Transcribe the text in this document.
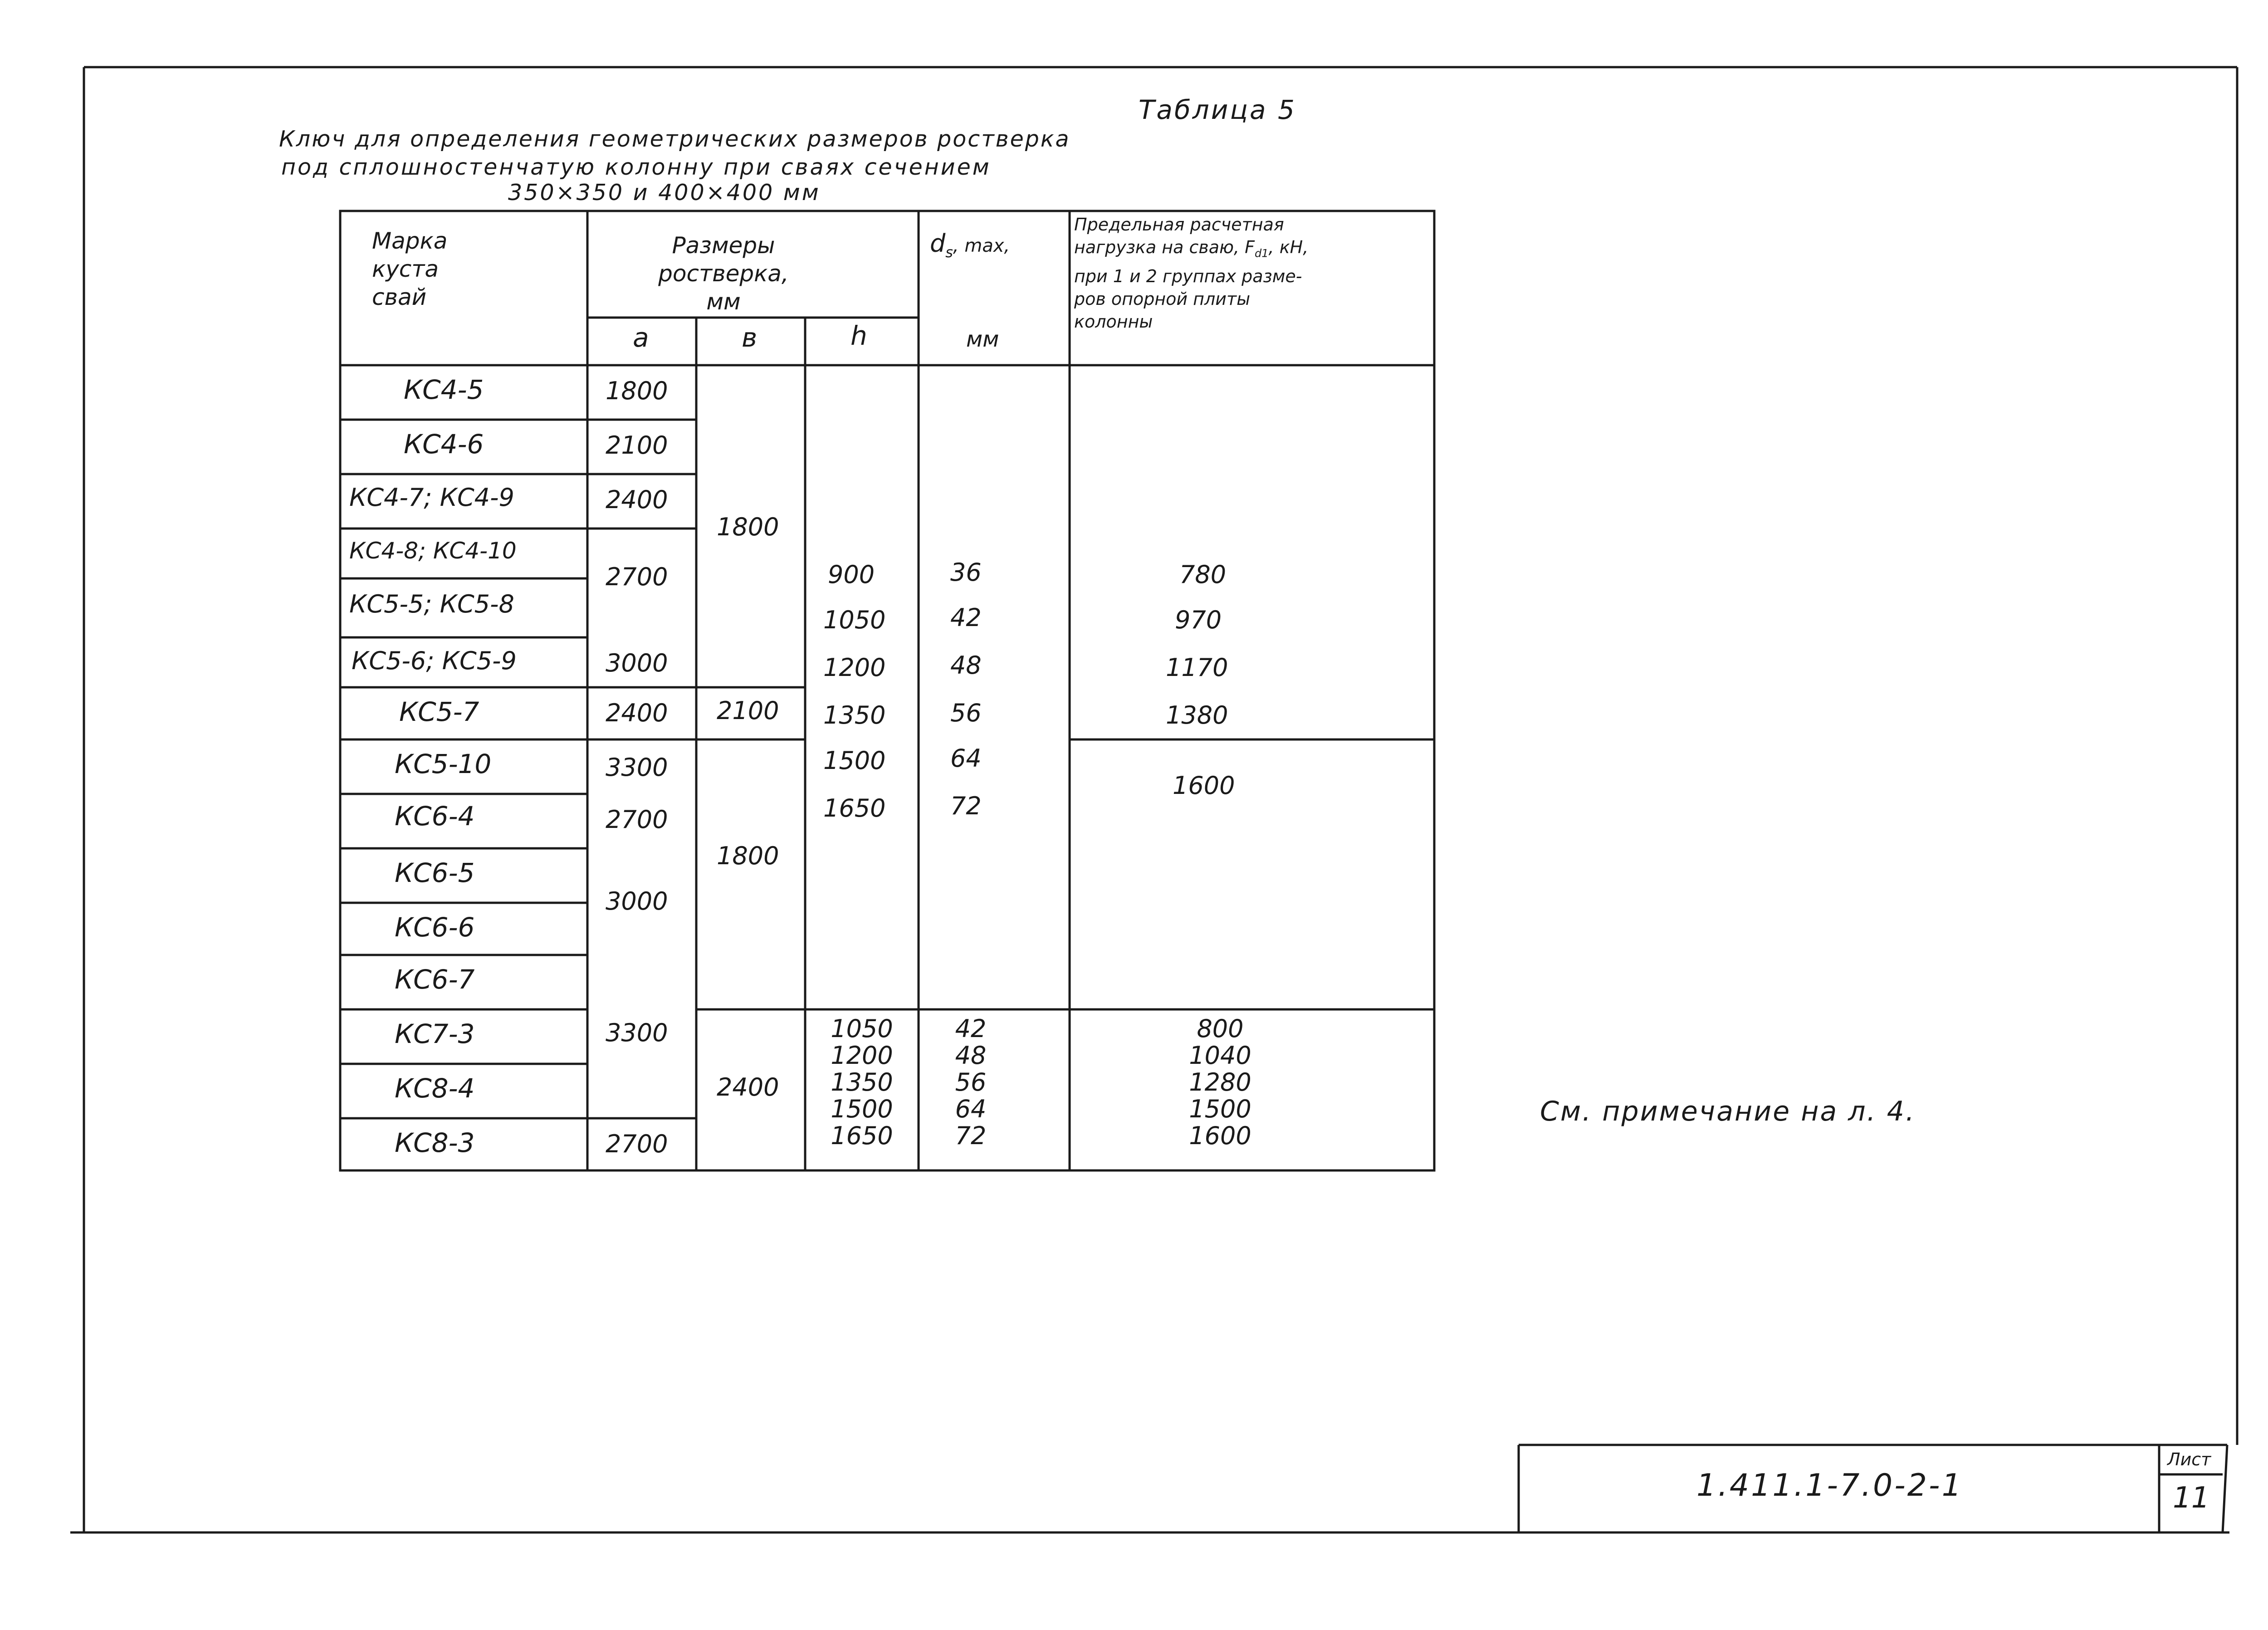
Таблица 5
Ключ для определения геометрических размеров ростверка
под сплошностенчатую колонну при сваях сечением
350×350 и 400×400 мм
Марка
куста
свай
Размеры
ростверка,
мм
a	в	h
$d_s$, max,
мм
Предельная расчетная
нагрузка на сваю, $F_{d1}$, кН,
при 1 и 2 группах разме-
ров опорной плиты
колонны
КС4-5
КС4-6
КС4-7; КС4-9
КС4-8; КС4-10
КС5-5; КС5-8
КС5-6; КС5-9
КС5-7
КС5-10
КС6-4
КС6-5
КС6-6
КС6-7
КС7-3
КС8-4
КС8-3
1800
2100
2400
2700
3000
2400
3300
2700
3000
3300
2700
1800
2100
1800
2400
900
1050
1200
1350
1500
1650
36
42
48
56
64
72
780
970
1170
1380
1600
1050
1200
1350
1500
1650
42
48
56
64
72
800
1040
1280
1500
1600
См. примечание на л. 4.
1.411.1-7.0-2-1
Лист
11
